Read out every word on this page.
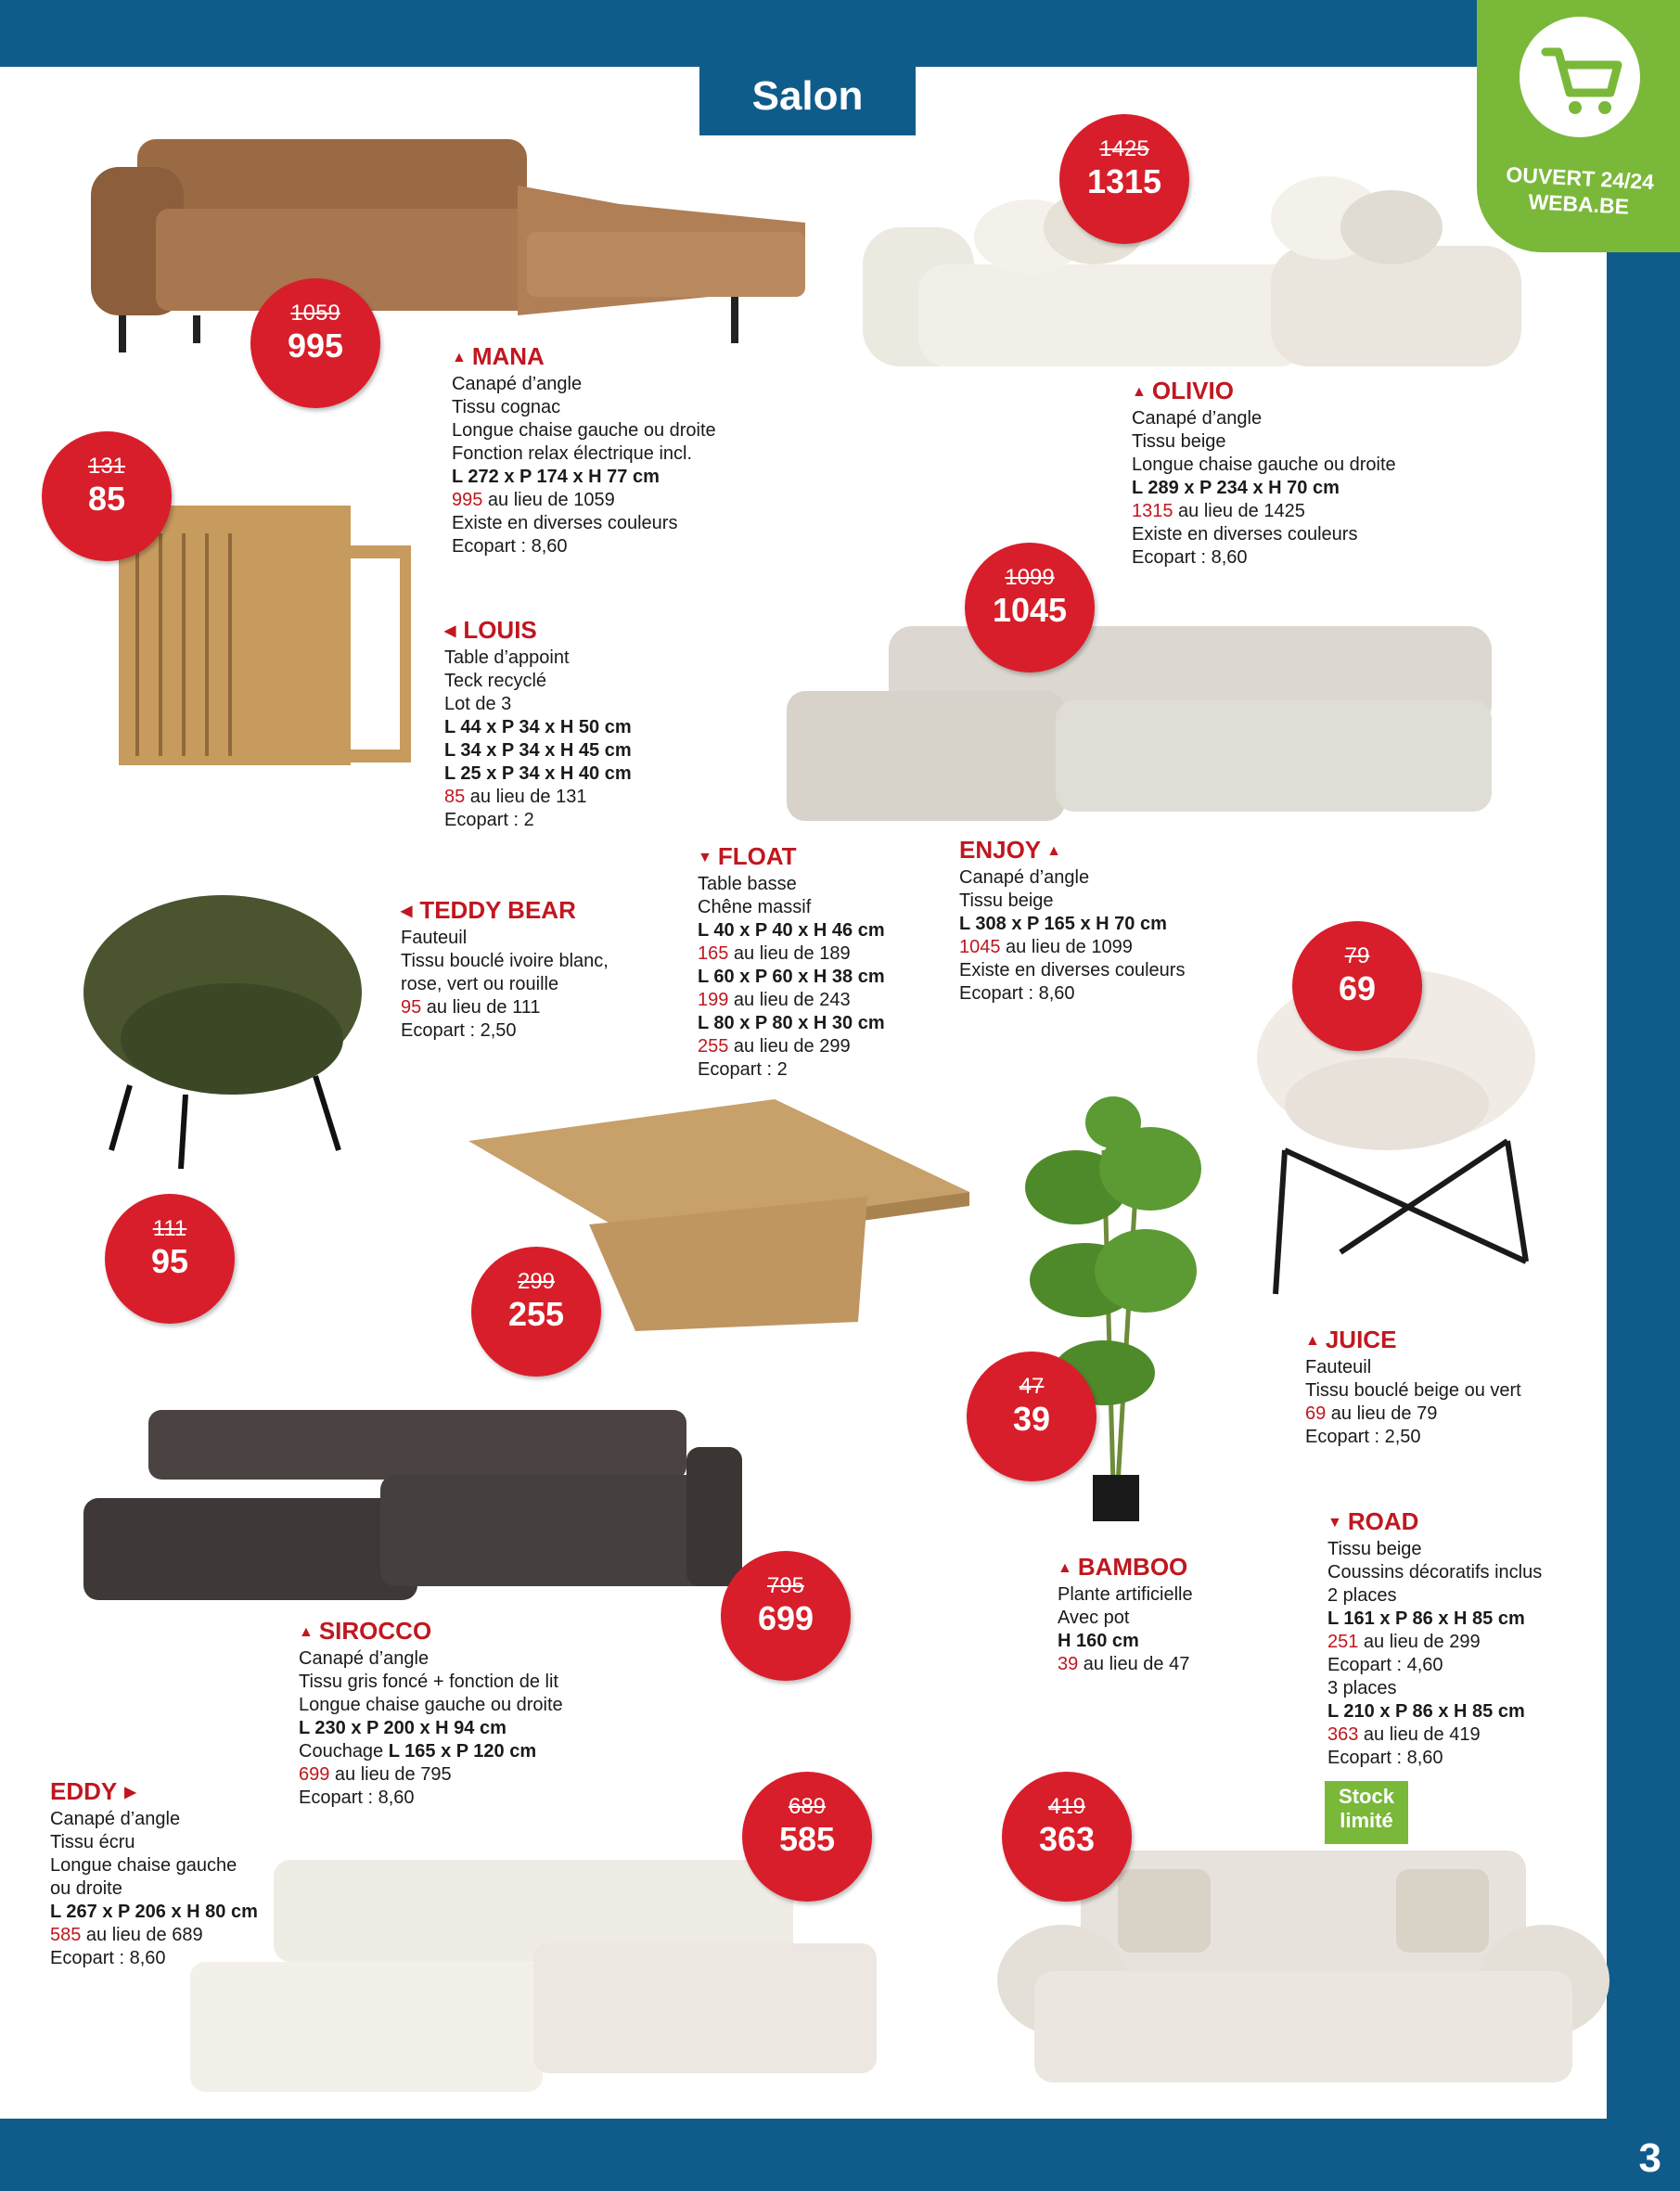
3
Salon
OUVERT 24/24
WEBA.BE
1059
995
131
85
1425
1315
1099
1045
79
69
111
95
299
255
47
39
795
699
689
585
419
363
▲ MANA
Canapé d’angle
Tissu cognac
Longue chaise gauche ou droite
Fonction relax électrique incl.
L 272 x P 174 x H 77 cm
995 au lieu de 1059
Existe en diverses couleurs
Ecopart : 8,60
◀ LOUIS
Table d’appoint
Teck recyclé
Lot de 3
L 44 x P 34 x H 50 cm
L 34 x P 34 x H 45 cm
L 25 x P 34 x H 40 cm
85 au lieu de 131
Ecopart : 2
▲ OLIVIO
Canapé d’angle
Tissu beige
Longue chaise gauche ou droite
L 289 x P 234 x H 70 cm
1315 au lieu de 1425
Existe en diverses couleurs
Ecopart : 8,60
◀ TEDDY BEAR
Fauteuil
Tissu bouclé ivoire blanc,
rose, vert ou rouille
95 au lieu de 111
Ecopart : 2,50
▼ FLOAT
Table basse
Chêne massif
L 40 x P 40 x H 46 cm
165 au lieu de 189
L 60 x P 60 x H 38 cm
199 au lieu de 243
L 80 x P 80 x H 30 cm
255 au lieu de 299
Ecopart : 2
ENJOY ▲
Canapé d’angle
Tissu beige
L 308 x P 165 x H 70 cm
1045 au lieu de 1099
Existe en diverses couleurs
Ecopart : 8,60
▲ JUICE
Fauteuil
Tissu bouclé beige ou vert
69 au lieu de 79
Ecopart : 2,50
▼ ROAD
Tissu beige
Coussins décoratifs inclus
2 places
L 161 x P 86 x H 85 cm
251 au lieu de 299
Ecopart : 4,60
3 places
L 210 x P 86 x H 85 cm
363 au lieu de 419
Ecopart : 8,60
Stock
limité
▲ BAMBOO
Plante artificielle
Avec pot
H 160 cm
39 au lieu de 47
▲ SIROCCO
Canapé d’angle
Tissu gris foncé + fonction de lit
Longue chaise gauche ou droite
L 230 x P 200 x H 94 cm
Couchage L 165 x P 120 cm
699 au lieu de 795
Ecopart : 8,60
EDDY ▶
Canapé d’angle
Tissu écru
Longue chaise gauche
ou droite
L 267 x P 206 x H 80 cm
585 au lieu de 689
Ecopart : 8,60
